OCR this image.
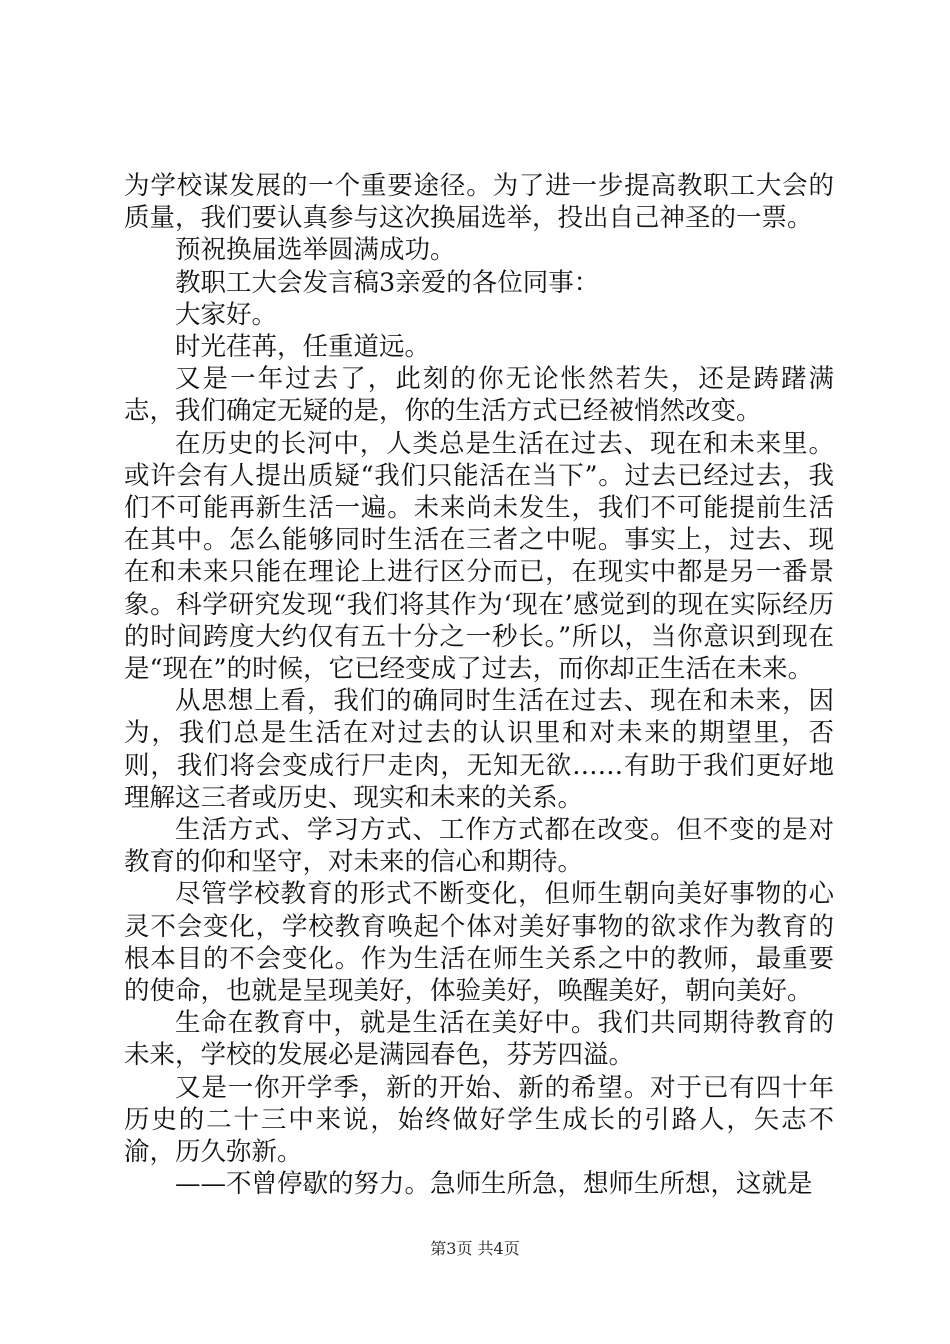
为学校谋发展的一个重要途径。为了进一步提高教职工大会的质量，我们要认真参与这次换届选举，投出自己神圣的一票。

预祝换届选举圆满成功。

教职工大会发言稿3亲爱的各位同事：

大家好。

时光荏苒，任重道远。

又是一年过去了，此刻的你无论怅然若失，还是踌躇满志，我们确定无疑的是，你的生活方式已经被悄然改变。

在历史的长河中，人类总是生活在过去、现在和未来里。或许会有人提出质疑“我们只能活在当下”。过去已经过去，我们不可能再新生活一遍。未来尚未发生，我们不可能提前生活在其中。怎么能够同时生活在三者之中呢。事实上，过去、现在和未来只能在理论上进行区分而已，在现实中都是另一番景象。科学研究发现“我们将其作为‘现在’感觉到的现在实际经历的时间跨度大约仅有五十分之一秒长。”所以，当你意识到现在是“现在”的时候，它已经变成了过去，而你却正生活在未来。

从思想上看，我们的确同时生活在过去、现在和未来，因为，我们总是生活在对过去的认识里和对未来的期望里，否则，我们将会变成行尸走肉，无知无欲……有助于我们更好地理解这三者或历史、现实和未来的关系。

生活方式、学习方式、工作方式都在改变。但不变的是对教育的仰和坚守，对未来的信心和期待。

尽管学校教育的形式不断变化，但师生朝向美好事物的心灵不会变化，学校教育唤起个体对美好事物的欲求作为教育的根本目的不会变化。作为生活在师生关系之中的教师，最重要的使命，也就是呈现美好，体验美好，唤醒美好，朝向美好。

生命在教育中，就是生活在美好中。我们共同期待教育的未来，学校的发展必是满园春色，芬芳四溢。

又是一你开学季，新的开始、新的希望。对于已有四十年历史的二十三中来说，始终做好学生成长的引路人，矢志不渝，历久弥新。

——不曾停歇的努力。急师生所急，想师生所想，这就是

第3页 共4页
